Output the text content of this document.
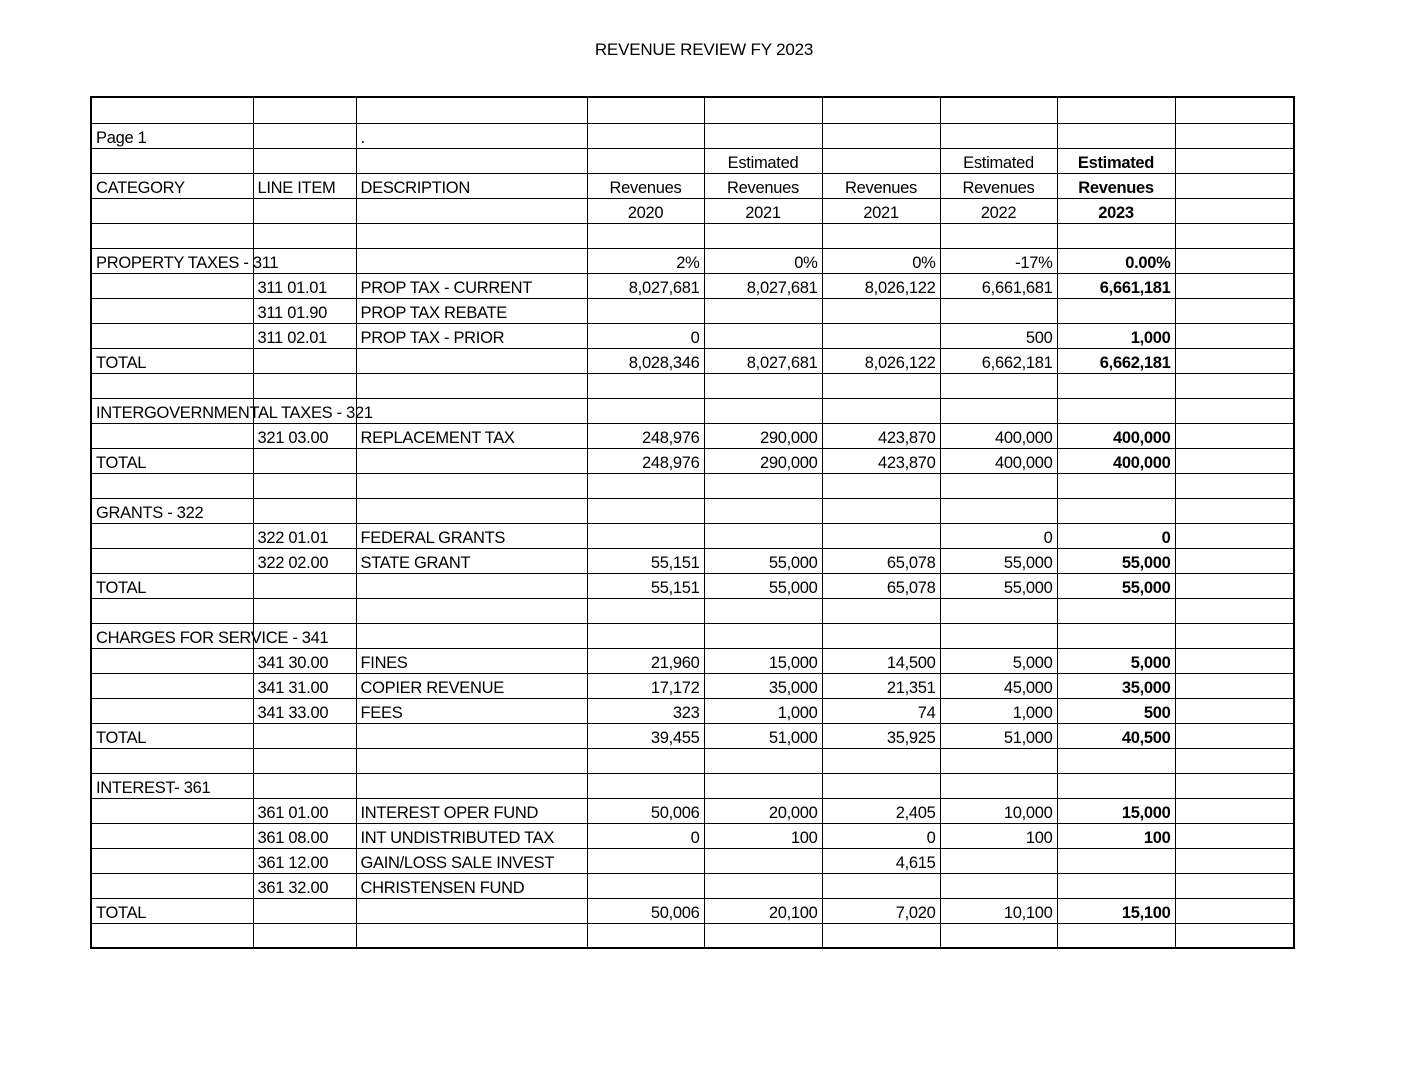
REVENUE REVIEW FY 2023

Page 1		.						
				Estimated		Estimated	Estimated	
CATEGORY	LINE ITEM	DESCRIPTION	Revenues	Revenues	Revenues	Revenues	Revenues	
			2020	2021	2021	2022	2023	

PROPERTY TAXES - 311			2%	0%	0%	-17%	0.00%	
	311 01.01	PROP TAX - CURRENT	8,027,681	8,027,681	8,026,122	6,661,681	6,661,181	
	311 01.90	PROP TAX REBATE						
	311 02.01	PROP TAX - PRIOR	0			500	1,000	
TOTAL			8,028,346	8,027,681	8,026,122	6,662,181	6,662,181	

INTERGOVERNMENTAL TAXES - 321								
	321 03.00	REPLACEMENT TAX	248,976	290,000	423,870	400,000	400,000	
TOTAL			248,976	290,000	423,870	400,000	400,000	

GRANTS - 322								
	322 01.01	FEDERAL GRANTS				0	0	
	322 02.00	STATE GRANT	55,151	55,000	65,078	55,000	55,000	
TOTAL			55,151	55,000	65,078	55,000	55,000	

CHARGES FOR SERVICE - 341								
	341 30.00	FINES	21,960	15,000	14,500	5,000	5,000	
	341 31.00	COPIER REVENUE	17,172	35,000	21,351	45,000	35,000	
	341 33.00	FEES	323	1,000	74	1,000	500	
TOTAL			39,455	51,000	35,925	51,000	40,500	

INTEREST- 361								
	361 01.00	INTEREST OPER FUND	50,006	20,000	2,405	10,000	15,000	
	361 08.00	INT UNDISTRIBUTED TAX	0	100	0	100	100	
	361 12.00	GAIN/LOSS SALE INVEST			4,615			
	361 32.00	CHRISTENSEN FUND						
TOTAL			50,006	20,100	7,020	10,100	15,100	
